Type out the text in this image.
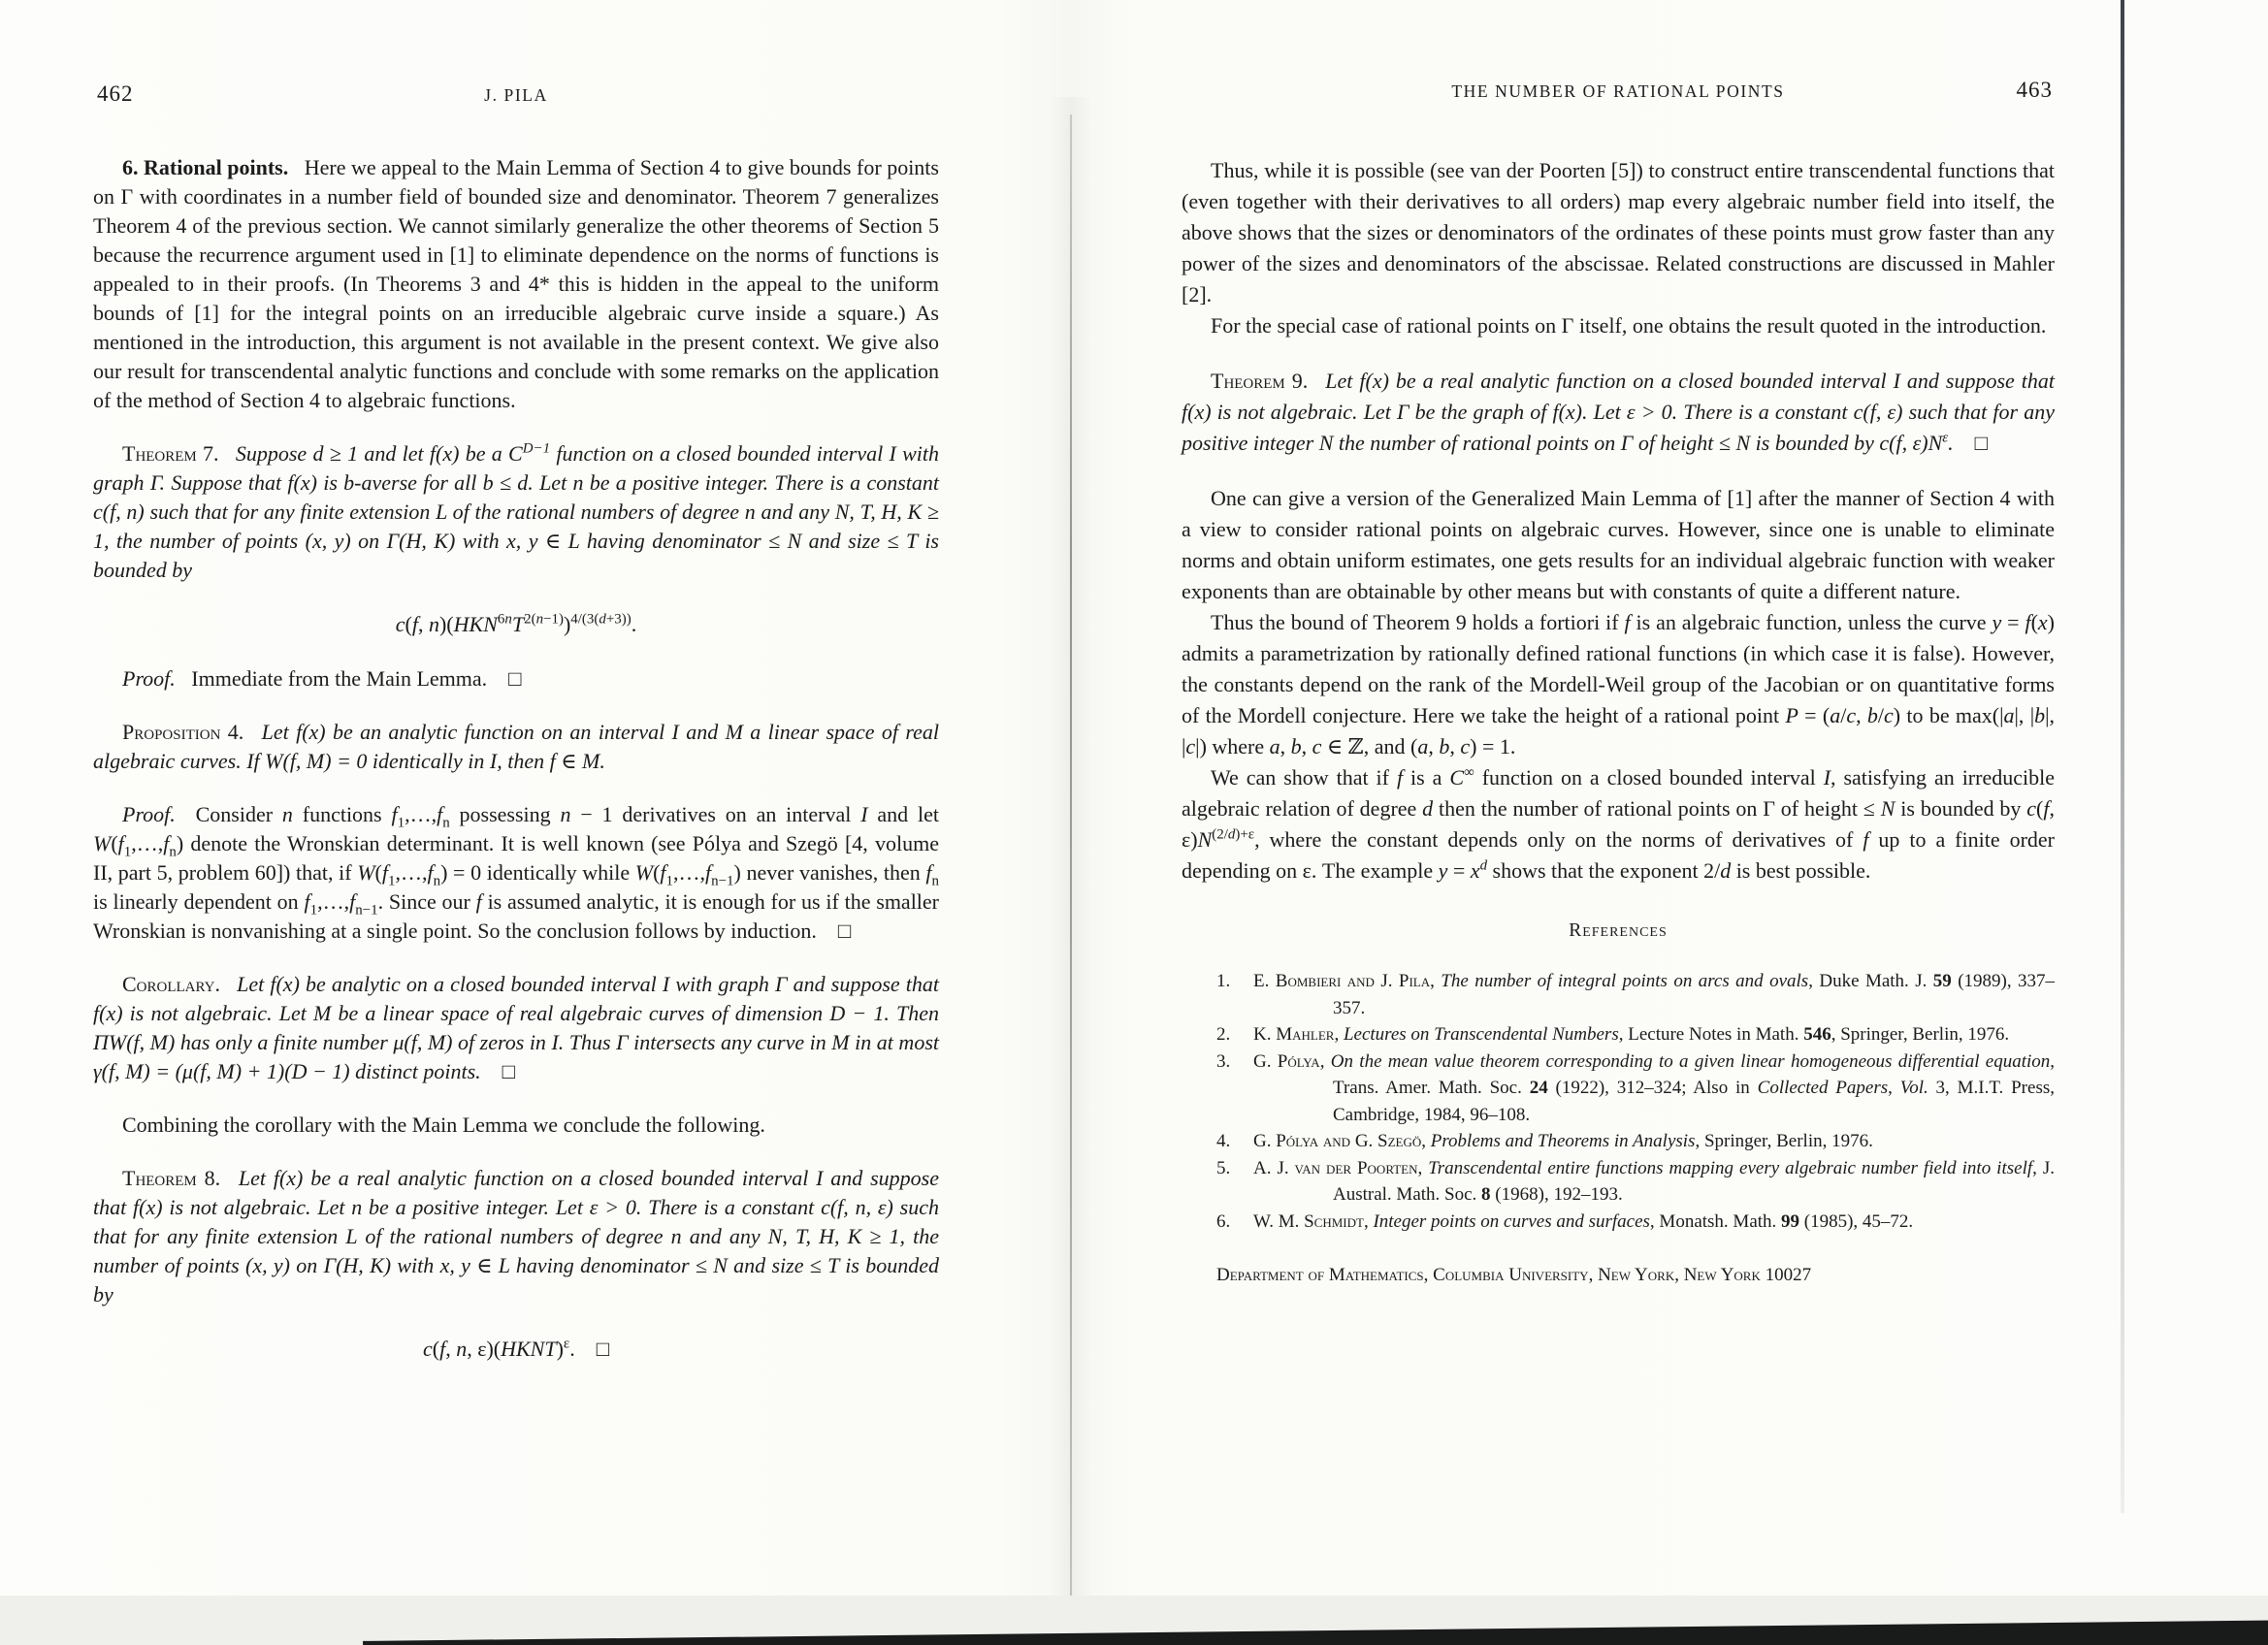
462	J. PILA

6. Rational points.  Here we appeal to the Main Lemma of Section 4 to give bounds for points on Γ with coordinates in a number field of bounded size and denominator. Theorem 7 generalizes Theorem 4 of the previous section. We cannot similarly generalize the other theorems of Section 5 because the recurrence argument used in [1] to eliminate dependence on the norms of functions is appealed to in their proofs. (In Theorems 3 and 4* this is hidden in the appeal to the uniform bounds of [1] for the integral points on an irreducible algebraic curve inside a square.) As mentioned in the introduction, this argument is not available in the present context. We give also our result for transcendental analytic functions and conclude with some remarks on the application of the method of Section 4 to algebraic functions.

Theorem 7.  Suppose d ≥ 1 and let f(x) be a $C^{D-1}$ function on a closed bounded interval I with graph Γ. Suppose that f(x) is b-averse for all b ≤ d. Let n be a positive integer. There is a constant c(f, n) such that for any finite extension L of the rational numbers of degree n and any N, T, H, K ≥ 1, the number of points (x, y) on Γ(H, K) with x, y ∈ L having denominator ≤ N and size ≤ T is bounded by

c(f, $n)(HKN^{6n}T^{2(n-1)})^{4/(3(d+3))}$.

Proof.  Immediate from the Main Lemma. □

Proposition 4.  Let f(x) be an analytic function on an interval I and M a linear space of real algebraic curves. If W(f, M) = 0 identically in I, then f ∈ M.

Proof.  Consider n functions $f_1,\dots,f_n$ possessing n − 1 derivatives on an interval I and let $W(f_1,\dots,f_n)$ denote the Wronskian determinant. It is well known (see Pólya and Szegö [4, volume II, part 5, problem 60]) that, if $W(f_1,\dots,f_n) = 0$ identically while $W(f_1,\dots,f_{n-1})$ never vanishes, then $f_n$ is linearly dependent on $f_1,\dots,f_{n-1}$. Since our f is assumed analytic, it is enough for us if the smaller Wronskian is nonvanishing at a single point. So the conclusion follows by induction. □

Corollary.  Let f(x) be analytic on a closed bounded interval I with graph Γ and suppose that f(x) is not algebraic. Let M be a linear space of real algebraic curves of dimension D − 1. Then ΠW(f, M) has only a finite number μ(f, M) of zeros in I. Thus Γ intersects any curve in M in at most γ(f, M) = (μ(f, M) + 1)(D − 1) distinct points. □

Combining the corollary with the Main Lemma we conclude the following.

Theorem 8.  Let f(x) be a real analytic function on a closed bounded interval I and suppose that f(x) is not algebraic. Let n be a positive integer. Let ε > 0. There is a constant c(f, n, ε) such that for any finite extension L of the rational numbers of degree n and any N, T, H, K ≥ 1, the number of points (x, y) on Γ(H, K) with x, y ∈ L having denominator ≤ N and size ≤ T is bounded by

c(f, n, ε)(HKNT)$^\varepsilon$. □

463
THE NUMBER OF RATIONAL POINTS

Thus, while it is possible (see van der Poorten [5]) to construct entire transcendental functions that (even together with their derivatives to all orders) map every algebraic number field into itself, the above shows that the sizes or denominators of the ordinates of these points must grow faster than any power of the sizes and denominators of the abscissae. Related constructions are discussed in Mahler [2].

For the special case of rational points on Γ itself, one obtains the result quoted in the introduction.

Theorem 9.  Let f(x) be a real analytic function on a closed bounded interval I and suppose that f(x) is not algebraic. Let Γ be the graph of f(x). Let ε > 0. There is a constant c(f, ε) such that for any positive integer N the number of rational points on Γ of height ≤ N is bounded by c(f, $\varepsilon)N^\varepsilon$. □

One can give a version of the Generalized Main Lemma of [1] after the manner of Section 4 with a view to consider rational points on algebraic curves. However, since one is unable to eliminate norms and obtain uniform estimates, one gets results for an individual algebraic function with weaker exponents than are obtainable by other means but with constants of quite a different nature.

Thus the bound of Theorem 9 holds a fortiori if f is an algebraic function, unless the curve y = f(x) admits a parametrization by rationally defined rational functions (in which case it is false). However, the constants depend on the rank of the Mordell-Weil group of the Jacobian or on quantitative forms of the Mordell conjecture. Here we take the height of a rational point P = (a/c, b/c) to be max(|a|, |b|, |c|) where a, b, c ∈ ℤ, and (a, b, c) = 1.

We can show that if f is a C∞ function on a closed bounded interval I, satisfying an irreducible algebraic relation of degree d then the number of rational points on Γ of height ≤ N is bounded by c(f, $\varepsilon)N^{(2/d)+\varepsilon}$, where the constant depends only on the norms of derivatives of f up to a finite order depending on ε. The example $y = x^d$ shows that the exponent 2/d is best possible.

References
1.	E. Bombieri and J. Pila, The number of integral points on arcs and ovals, Duke Math. J. 59 (1989), 337–357.
2.	K. Mahler, Lectures on Transcendental Numbers, Lecture Notes in Math. 546, Springer, Berlin, 1976.
3.	G. Pólya, On the mean value theorem corresponding to a given linear homogeneous differential equation, Trans. Amer. Math. Soc. 24 (1922), 312–324; Also in Collected Papers, Vol. 3, M.I.T. Press, Cambridge, 1984, 96–108.
4.	G. Pólya and G. Szegö, Problems and Theorems in Analysis, Springer, Berlin, 1976.
5.	A. J. van der Poorten, Transcendental entire functions mapping every algebraic number field into itself, J. Austral. Math. Soc. 8 (1968), 192–193.
6.	W. M. Schmidt, Integer points on curves and surfaces, Monatsh. Math. 99 (1985), 45–72.
Department of Mathematics, Columbia University, New York, New York 10027
